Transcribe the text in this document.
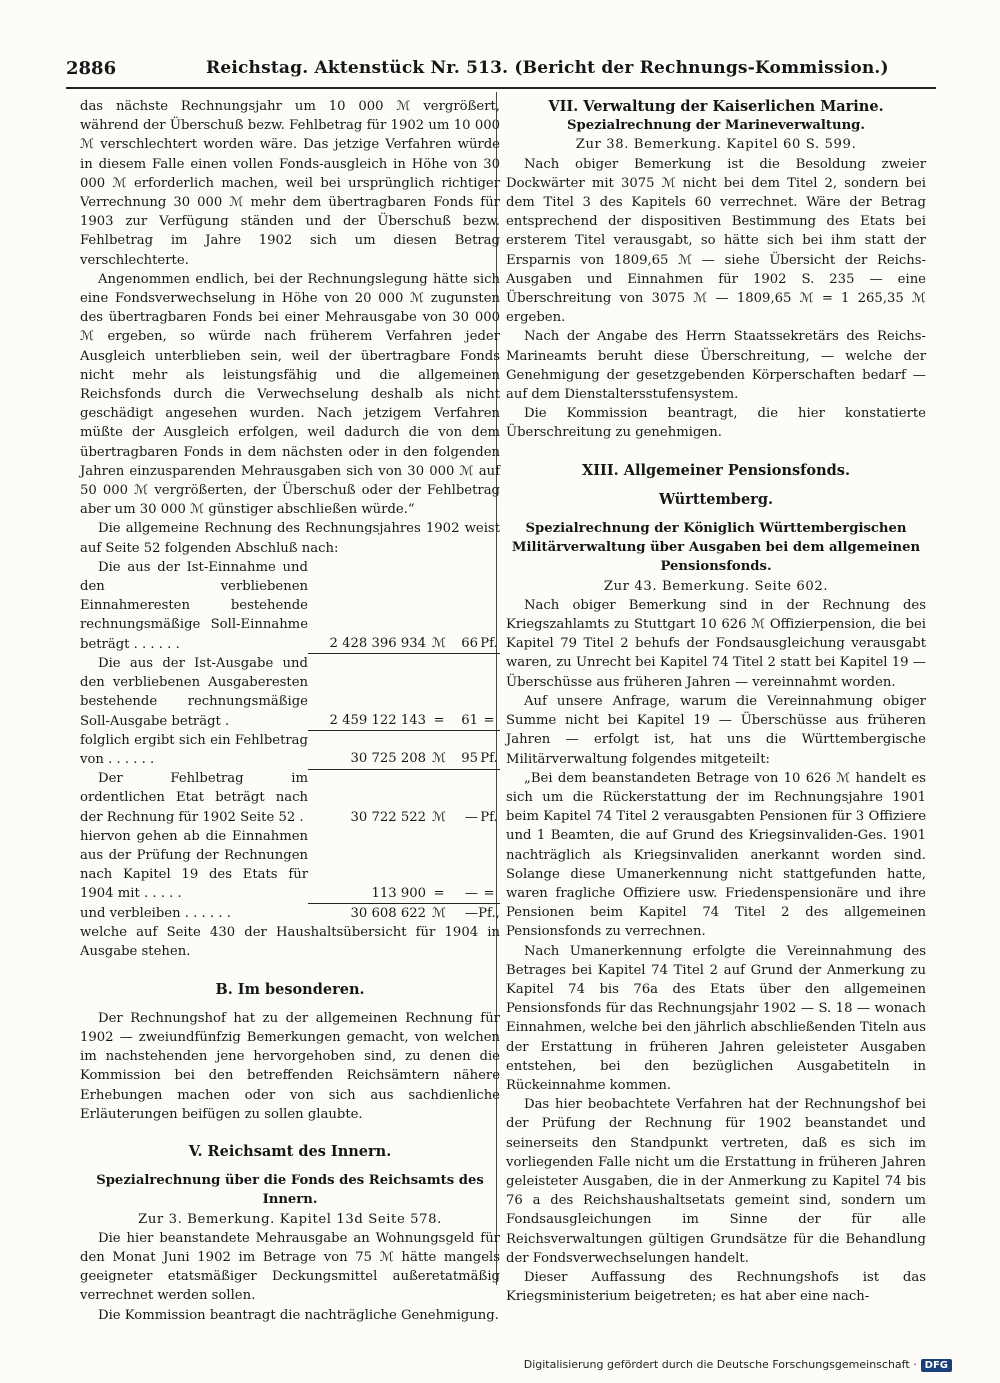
2886	Reichstag. Aktenstück Nr. 513. (Bericht der Rechnungs-Kommission.)

das nächste Rechnungsjahr um 10 000 ℳ vergrößert, während der Überschuß bezw. Fehlbetrag für 1902 um 10 000 ℳ verschlechtert worden wäre. Das jetzige Verfahren würde in diesem Falle einen vollen Fonds-ausgleich in Höhe von 30 000 ℳ erforderlich machen, weil bei ursprünglich richtiger Verrechnung 30 000 ℳ mehr dem übertragbaren Fonds für 1903 zur Verfügung ständen und der Überschuß bezw. Fehlbetrag im Jahre 1902 sich um diesen Betrag verschlechterte.

Angenommen endlich, bei der Rechnungslegung hätte sich eine Fondsverwechselung in Höhe von 20 000 ℳ zugunsten des übertragbaren Fonds bei einer Mehrausgabe von 30 000 ℳ ergeben, so würde nach früherem Verfahren jeder Ausgleich unterblieben sein, weil der übertragbare Fonds nicht mehr als leistungsfähig und die allgemeinen Reichsfonds durch die Verwechselung deshalb als nicht geschädigt angesehen wurden. Nach jetzigem Verfahren müßte der Ausgleich erfolgen, weil dadurch die von dem übertragbaren Fonds in dem nächsten oder in den folgenden Jahren einzusparenden Mehrausgaben sich von 30 000 ℳ auf 50 000 ℳ vergrößerten, der Überschuß oder der Fehlbetrag aber um 30 000 ℳ günstiger abschließen würde.“

Die allgemeine Rechnung des Rechnungsjahres 1902 weist auf Seite 52 folgenden Abschluß nach:

Die aus der Ist-Einnahme und den verbliebenen Einnahmeresten bestehende rechnungsmäßige Soll-Einnahme beträgt . . . . . .	2 428 396 934	ℳ	66	Pf.
Die aus der Ist-Ausgabe und den verbliebenen Ausgaberesten bestehende rechnungsmäßige Soll-Ausgabe beträgt .	2 459 122 143	=	61	=
folglich ergibt sich ein Fehlbetrag von . . . . . .	30 725 208	ℳ	95	Pf.
Der Fehlbetrag im ordentlichen Etat beträgt nach der Rechnung für 1902 Seite 52 .	30 722 522	ℳ	—	Pf.
hiervon gehen ab die Einnahmen aus der Prüfung der Rechnungen nach Kapitel 19 des Etats für 1904 mit . . . . .	113 900	=	—	=
und verbleiben . . . . . .	30 608 622	ℳ	—	Pf.,

welche auf Seite 430 der Haushaltsübersicht für 1904 in Ausgabe stehen.

B. Im besonderen.

Der Rechnungshof hat zu der allgemeinen Rechnung für 1902 — zweiundfünfzig Bemerkungen gemacht, von welchen im nachstehenden jene hervorgehoben sind, zu denen die Kommission bei den betreffenden Reichsämtern nähere Erhebungen machen oder von sich aus sachdienliche Erläuterungen beifügen zu sollen glaubte.

V. Reichsamt des Innern.

Spezialrechnung über die Fonds des Reichsamts des Innern.

Zur 3. Bemerkung. Kapitel 13d Seite 578.

Die hier beanstandete Mehrausgabe an Wohnungsgeld für den Monat Juni 1902 im Betrage von 75 ℳ hätte mangels geeigneter etatsmäßiger Deckungsmittel außeretatmäßig verrechnet werden sollen.

Die Kommission beantragt die nachträgliche Genehmigung.

VII. Verwaltung der Kaiserlichen Marine.

Spezialrechnung der Marineverwaltung.

Zur 38. Bemerkung. Kapitel 60 S. 599.

Nach obiger Bemerkung ist die Besoldung zweier Dockwärter mit 3075 ℳ nicht bei dem Titel 2, sondern bei dem Titel 3 des Kapitels 60 verrechnet. Wäre der Betrag entsprechend der dispositiven Bestimmung des Etats bei ersterem Titel verausgabt, so hätte sich bei ihm statt der Ersparnis von 1809,65 ℳ — siehe Übersicht der Reichs-Ausgaben und Einnahmen für 1902 S. 235 — eine Überschreitung von 3075 ℳ — 1809,65 ℳ = 1 265,35 ℳ ergeben.

Nach der Angabe des Herrn Staatssekretärs des Reichs-Marineamts beruht diese Überschreitung, — welche der Genehmigung der gesetzgebenden Körperschaften bedarf — auf dem Dienstaltersstufensystem.

Die Kommission beantragt, die hier konstatierte Überschreitung zu genehmigen.

XIII. Allgemeiner Pensionsfonds.

Württemberg.

Spezialrechnung der Königlich Württembergischen Militärverwaltung über Ausgaben bei dem allgemeinen Pensionsfonds.

Zur 43. Bemerkung. Seite 602.

Nach obiger Bemerkung sind in der Rechnung des Kriegszahlamts zu Stuttgart 10 626 ℳ Offizierpension, die bei Kapitel 79 Titel 2 behufs der Fondsausgleichung verausgabt waren, zu Unrecht bei Kapitel 74 Titel 2 statt bei Kapitel 19 — Überschüsse aus früheren Jahren — vereinnahmt worden.

Auf unsere Anfrage, warum die Vereinnahmung obiger Summe nicht bei Kapitel 19 — Überschüsse aus früheren Jahren — erfolgt ist, hat uns die Württembergische Militärverwaltung folgendes mitgeteilt:

„Bei dem beanstandeten Betrage von 10 626 ℳ handelt es sich um die Rückerstattung der im Rechnungsjahre 1901 beim Kapitel 74 Titel 2 verausgabten Pensionen für 3 Offiziere und 1 Beamten, die auf Grund des Kriegsinvaliden-Ges. 1901 nachträglich als Kriegsinvaliden anerkannt worden sind. Solange diese Umanerkennung nicht stattgefunden hatte, waren fragliche Offiziere usw. Friedenspensionäre und ihre Pensionen beim Kapitel 74 Titel 2 des allgemeinen Pensionsfonds zu verrechnen.

Nach Umanerkennung erfolgte die Vereinnahmung des Betrages bei Kapitel 74 Titel 2 auf Grund der Anmerkung zu Kapitel 74 bis 76a des Etats über den allgemeinen Pensionsfonds für das Rechnungsjahr 1902 — S. 18 — wonach Einnahmen, welche bei den jährlich abschließenden Titeln aus der Erstattung in früheren Jahren geleisteter Ausgaben entstehen, bei den bezüglichen Ausgabetiteln in Rückeinnahme kommen.

Das hier beobachtete Verfahren hat der Rechnungshof bei der Prüfung der Rechnung für 1902 beanstandet und seinerseits den Standpunkt vertreten, daß es sich im vorliegenden Falle nicht um die Erstattung in früheren Jahren geleisteter Ausgaben, die in der Anmerkung zu Kapitel 74 bis 76 a des Reichshaushaltsetats gemeint sind, sondern um Fondsausgleichungen im Sinne der für alle Reichsverwaltungen gültigen Grundsätze für die Behandlung der Fondsverwechselungen handelt.

Dieser Auffassung des Rechnungshofs ist das Kriegsministerium beigetreten; es hat aber eine nach-

Digitalisierung gefördert durch die Deutsche Forschungsgemeinschaft · DFG
